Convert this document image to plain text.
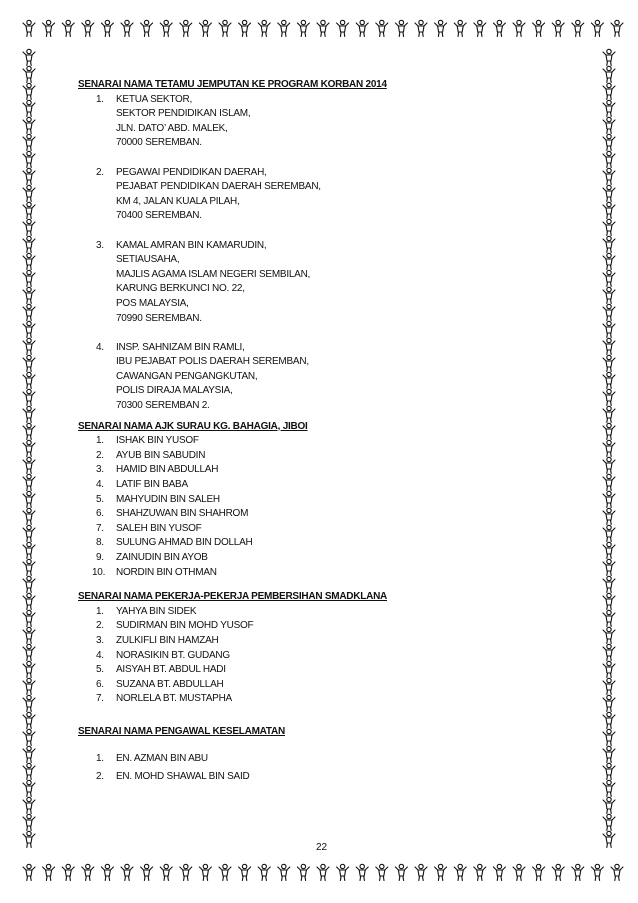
SENARAI NAMA TETAMU JEMPUTAN KE PROGRAM KORBAN 2014
1.	KETUA SEKTOR,
SEKTOR PENDIDIKAN ISLAM,
JLN. DATO’ ABD. MALEK,
70000 SEREMBAN.
2.	PEGAWAI PENDIDIKAN DAERAH,
PEJABAT PENDIDIKAN DAERAH SEREMBAN,
KM 4, JALAN KUALA PILAH,
70400 SEREMBAN.
3.	KAMAL AMRAN BIN KAMARUDIN,
SETIAUSAHA,
MAJLIS AGAMA ISLAM NEGERI SEMBILAN,
KARUNG BERKUNCI NO. 22,
POS MALAYSIA,
70990 SEREMBAN.
4.	INSP. SAHNIZAM BIN RAMLI,
IBU PEJABAT POLIS DAERAH SEREMBAN,
CAWANGAN PENGANGKUTAN,
POLIS DIRAJA MALAYSIA,
70300 SEREMBAN 2.
SENARAI NAMA AJK SURAU KG. BAHAGIA, JIBOI
1.	ISHAK BIN YUSOF
2.	AYUB BIN SABUDIN
3.	HAMID BIN ABDULLAH
4.	LATIF BIN BABA
5.	MAHYUDIN BIN SALEH
6.	SHAHZUWAN BIN SHAHROM
7.	SALEH BIN YUSOF
8.	SULUNG AHMAD BIN DOLLAH
9.	ZAINUDIN BIN AYOB
10.	NORDIN BIN OTHMAN
SENARAI NAMA PEKERJA-PEKERJA PEMBERSIHAN SMADKLANA
1.	YAHYA BIN SIDEK
2.	SUDIRMAN BIN MOHD YUSOF
3.	ZULKIFLI BIN HAMZAH
4.	NORASIKIN BT. GUDANG
5.	AISYAH BT. ABDUL HADI
6.	SUZANA BT. ABDULLAH
7.	NORLELA BT. MUSTAPHA
SENARAI NAMA PENGAWAL KESELAMATAN
1.	EN. AZMAN BIN ABU
2.	EN. MOHD SHAWAL BIN SAID
22
